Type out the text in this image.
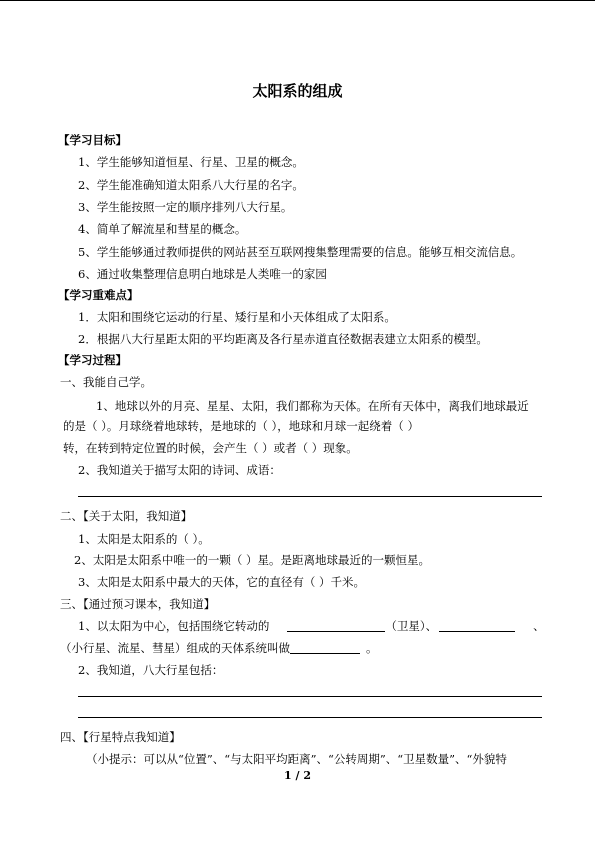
太阳系的组成
【学习目标】
1、学生能够知道恒星、行星、卫星的概念。
2、学生能准确知道太阳系八大行星的名字。
3、学生能按照一定的顺序排列八大行星。
4、简单了解流星和彗星的概念。
5、学生能够通过教师提供的网站甚至互联网搜集整理需要的信息。能够互相交流信息。
6、通过收集整理信息明白地球是人类唯一的家园
【学习重难点】
1．太阳和围绕它运动的行星、矮行星和小天体组成了太阳系。
2．根据八大行星距太阳的平均距离及各行星赤道直径数据表建立太阳系的模型。
【学习过程】
一、我能自己学。
1、地球以外的月亮、星星、太阳，我们都称为天体。在所有天体中，离我们地球最近
的是（ ）。月球绕着地球转，是地球的（ ），地球和月球一起绕着（ ）
转，在转到特定位置的时候，会产生（ ）或者（ ）现象。
2、我知道关于描写太阳的诗词、成语：
二、【关于太阳，我知道】
1、太阳是太阳系的（ ）。
2、太阳是太阳系中唯一的一颗（ ）星。是距离地球最近的一颗恒星。
3、太阳是太阳系中最大的天体，它的直径有（ ）千米。
三、【通过预习课本，我知道】
1、以太阳为中心，包括围绕它转动的	（卫星）、	、
（小行星、流星、彗星）组成的天体系统叫做	。
2、我知道，八大行星包括：
四、【行星特点我知道】
（小提示：可以从“位置”、“与太阳平均距离”、“公转周期”、“卫星数量”、“外貌特
1 / 2
